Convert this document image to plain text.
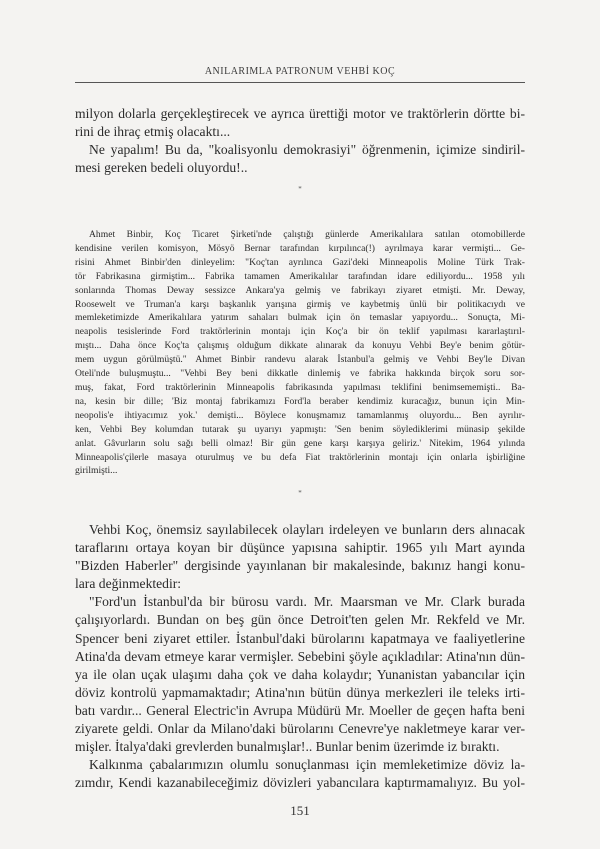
ANILARIMLA PATRONUM VEHBİ KOÇ
milyon dolarla gerçekleştirecek ve ayrıca ürettiği motor ve traktörlerin dörtte bi-
rini de ihraç etmiş olacaktı...
Ne yapalım! Bu da, "koalisyonlu demokrasiyi" öğrenmenin, içimize sindiril-
mesi gereken bedeli oluyordu!..
*
Ahmet Binbir, Koç Ticaret Şirketi'nde çalıştığı günlerde Amerikalılara satılan otomobillerde
kendisine verilen komisyon, Mösyö Bernar tarafından kırpılınca(!) ayrılmaya karar vermişti... Ge-
risini Ahmet Binbir'den dinleyelim: "Koç'tan ayrılınca Gazi'deki Minneapolis Moline Türk Trak-
tör Fabrikasına girmiştim... Fabrika tamamen Amerikalılar tarafından idare ediliyordu... 1958 yılı
sonlarında Thomas Deway sessizce Ankara'ya gelmiş ve fabrikayı ziyaret etmişti. Mr. Deway,
Roosewelt ve Truman'a karşı başkanlık yarışına girmiş ve kaybetmiş ünlü bir politikacıydı ve
memleketimizde Amerikalılara yatırım sahaları bulmak için ön temaslar yapıyordu... Sonuçta, Mi-
neapolis tesislerinde Ford traktörlerinin montajı için Koç'a bir ön teklif yapılması kararlaştırıl-
mıştı... Daha önce Koç'ta çalışmış olduğum dikkate alınarak da konuyu Vehbi Bey'e benim götür-
mem uygun görülmüştü." Ahmet Binbir randevu alarak İstanbul'a gelmiş ve Vehbi Bey'le Divan
Oteli'nde buluşmuştu... "Vehbi Bey beni dikkatle dinlemiş ve fabrika hakkında birçok soru sor-
muş, fakat, Ford traktörlerinin Minneapolis fabrikasında yapılması teklifini benimsememişti.. Ba-
na, kesin bir dille; 'Biz montaj fabrikamızı Ford'la beraber kendimiz kuracağız, bunun için Min-
neopolis'e ihtiyacımız yok.' demişti... Böylece konuşmamız tamamlanmış oluyordu... Ben ayrılır-
ken, Vehbi Bey kolumdan tutarak şu uyarıyı yapmıştı: 'Sen benim söylediklerimi münasip şekilde
anlat. Gâvurların solu sağı belli olmaz! Bir gün gene karşı karşıya geliriz.' Nitekim, 1964 yılında
Minneapolis'çilerle masaya oturulmuş ve bu defa Fiat traktörlerinin montajı için onlarla işbirliğine
girilmişti...
*
Vehbi Koç, önemsiz sayılabilecek olayları irdeleyen ve bunların ders alınacak
taraflarını ortaya koyan bir düşünce yapısına sahiptir. 1965 yılı Mart ayında
"Bizden Haberler" dergisinde yayınlanan bir makalesinde, bakınız hangi konu-
lara değinmektedir:
"Ford'un İstanbul'da bir bürosu vardı. Mr. Maarsman ve Mr. Clark burada
çalışıyorlardı. Bundan on beş gün önce Detroit'ten gelen Mr. Rekfeld ve Mr.
Spencer beni ziyaret ettiler. İstanbul'daki bürolarını kapatmaya ve faaliyetlerine
Atina'da devam etmeye karar vermişler. Sebebini şöyle açıkladılar: Atina'nın dün-
ya ile olan uçak ulaşımı daha çok ve daha kolaydır; Yunanistan yabancılar için
döviz kontrolü yapmamaktadır; Atina'nın bütün dünya merkezleri ile teleks irti-
batı vardır... General Electric'in Avrupa Müdürü Mr. Moeller de geçen hafta beni
ziyarete geldi. Onlar da Milano'daki bürolarını Cenevre'ye nakletmeye karar ver-
mişler. İtalya'daki grevlerden bunalmışlar!.. Bunlar benim üzerimde iz bıraktı.
Kalkınma çabalarımızın olumlu sonuçlanması için memleketimize döviz la-
zımdır, Kendi kazanabileceğimiz dövizleri yabancılara kaptırmamalıyız. Bu yol-
151
